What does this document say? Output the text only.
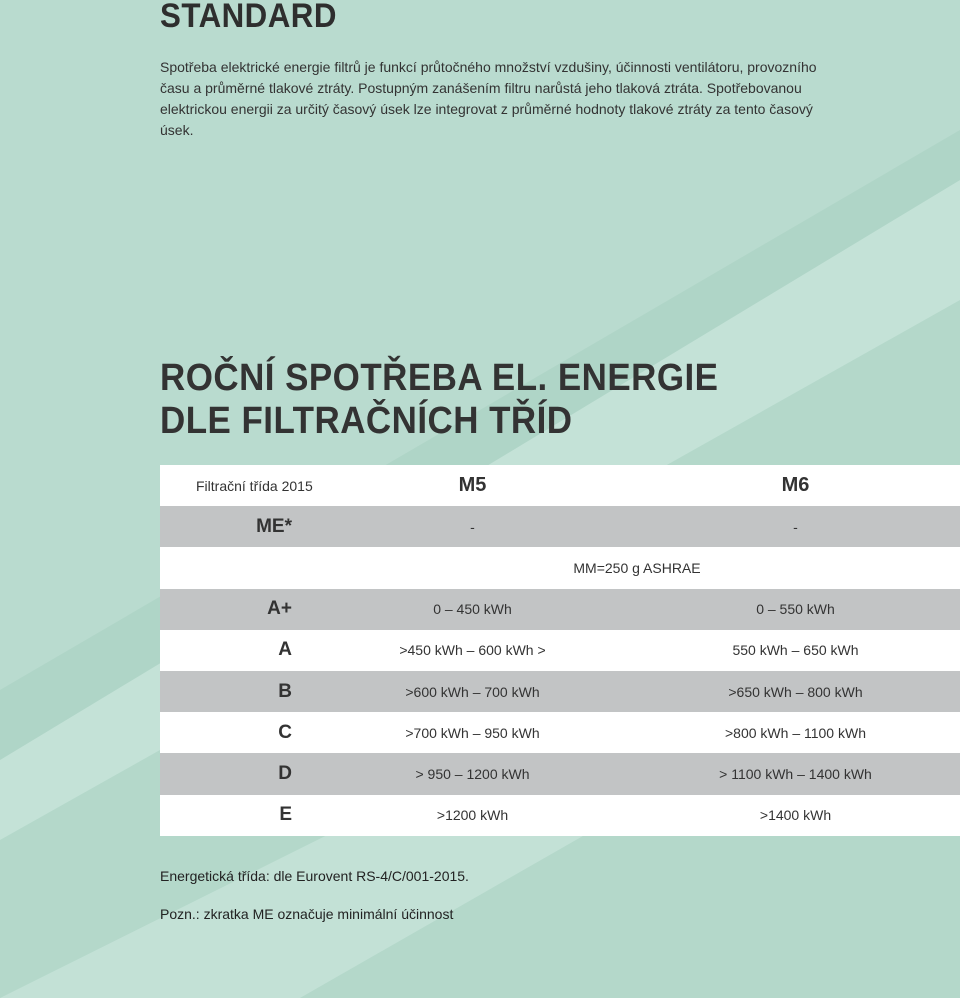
STANDARD

Spotřeba elektrické energie filtrů je funkcí průtočného množství vzdušiny, účinnosti ventilátoru, provozního času a průměrné tlakové ztráty. Postupným zanášením filtru narůstá jeho tlaková ztráta. Spotřebovanou elektrickou energii za určitý časový úsek lze integrovat z průměrné hodnoty tlakové ztráty za tento časový úsek.

ROČNÍ SPOTŘEBA EL. ENERGIE
DLE FILTRAČNÍCH TŘÍD
Filtrační třída 2015	M5	M6
ME*	-	-
	MM=250 g ASHRAE	
A+	0 – 450 kWh	0 – 550 kWh
A	>450 kWh – 600 kWh >	550 kWh – 650 kWh
B	>600 kWh – 700 kWh	>650 kWh – 800 kWh
C	>700 kWh – 950 kWh	>800 kWh – 1100 kWh
D	> 950 – 1200 kWh	> 1100 kWh – 1400 kWh
E	>1200 kWh	>1400 kWh

Energetická třída: dle Eurovent RS-4/C/001-2015.

Pozn.: zkratka ME označuje minimální účinnost
